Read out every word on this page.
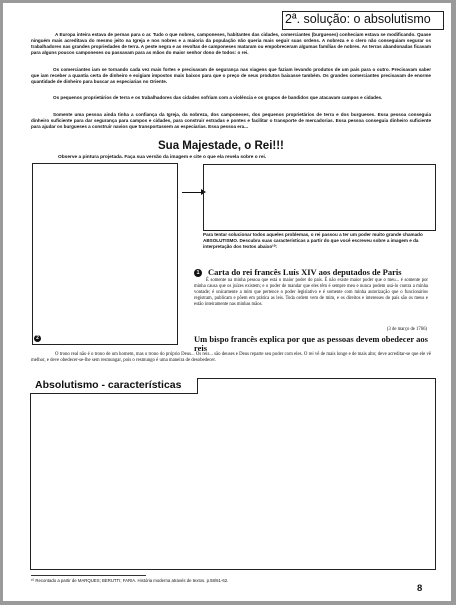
2ª. solução: o absolutismo
A Europa inteira estava de pernas para o ar. Tudo o que nobres, camponeses, habitantes das cidades, comerciantes (burgueses) conheciam estava se modificando. Quase ninguém mais acreditava do mesmo jeito na Igreja e nos nobres e a maioria da população não queria mais seguir suas ordens. A nobreza e o clero não conseguiam segurar os trabalhadores nas grandes propriedades de terra. A peste negra e as revoltas de camponeses mataram ou empobreceram algumas famílias de nobres. As terras abandonadas ficavam para alguns poucos camponeses ou passavam para as mãos do maior senhor dono de todos: o rei.
Os comerciantes iam se tornando cada vez mais fortes e precisavam de segurança nas viagens que faziam levando produtos de um país para o outro. Precisavam saber que iam receber a quantia certa de dinheiro e exigiam impostos mais baixos para que o preço de seus produtos baixasse também. Os grandes comerciantes precisavam de enorme quantidade de dinheiro para buscar as especiarias no Oriente.
Os pequenos proprietários de terra e os trabalhadores das cidades sofriam com a violência e os grupos de bandidos que atacavam campos e cidades.
Somente uma pessoa ainda tinha a confiança da Igreja, da nobreza, dos camponeses, dos pequenos proprietários de terra e dos burgueses. Essa pessoa conseguia dinheiro suficiente para dar segurança para campos e cidades, para construir estradas e pontes e facilitar o transporte de mercadorias. Essa pessoa conseguia dinheiro suficiente para ajudar os burgueses a construir navios que transportassem as especiarias. Essa pessoa era...
Sua Majestade, o Rei!!!
Observe a pintura projetada. Faça sua versão da imagem e cite o que ela revela sobre o rei.
2
Para tentar solucionar todos aqueles problemas, o rei passou a ter um poder muito grande chamado ABSOLUTISMO. Descubra suas características a partir do que você escreveu sobre a imagem e da interpretação dos textos abaixo¹⁰:
1 Carta do rei francês Luís XIV aos deputados de Paris
É somente na minha pessoa que está o maior poder do país. É não existe maior poder que o meu... é somente por minha causa que os juízes existem; e o poder de mandar que eles têm é sempre meu e nunca podem usá-lo contra a minha vontade; é unicamente a mim que pertence o poder legislativo e é somente com minha autorização que o funcionários registram, publicam e põem em prática as leis. Toda ordem vem de mim, e os direitos e interesses do país são os meus e estão inteiramente nas minhas mãos.
(3 de março de 1766)
Um bispo francês explica por que as pessoas devem obedecer aos reis
O trono real não é o trono de um homem, mas o trono do próprio Deus... Os reis... são deuses e Deus reparte seu poder com eles. O rei vê de mais longe e de mais alto; deve acreditar-se que ele vê melhor, e deve obedecer-se-lhe sem resmungar, pois o resmungo é uma maneira de desobedecer.
Absolutismo - características
¹⁰ Recontado a partir de MARQUES; BERUTTI; FARIA. História moderna através de textos. p.58/61-62.
8
